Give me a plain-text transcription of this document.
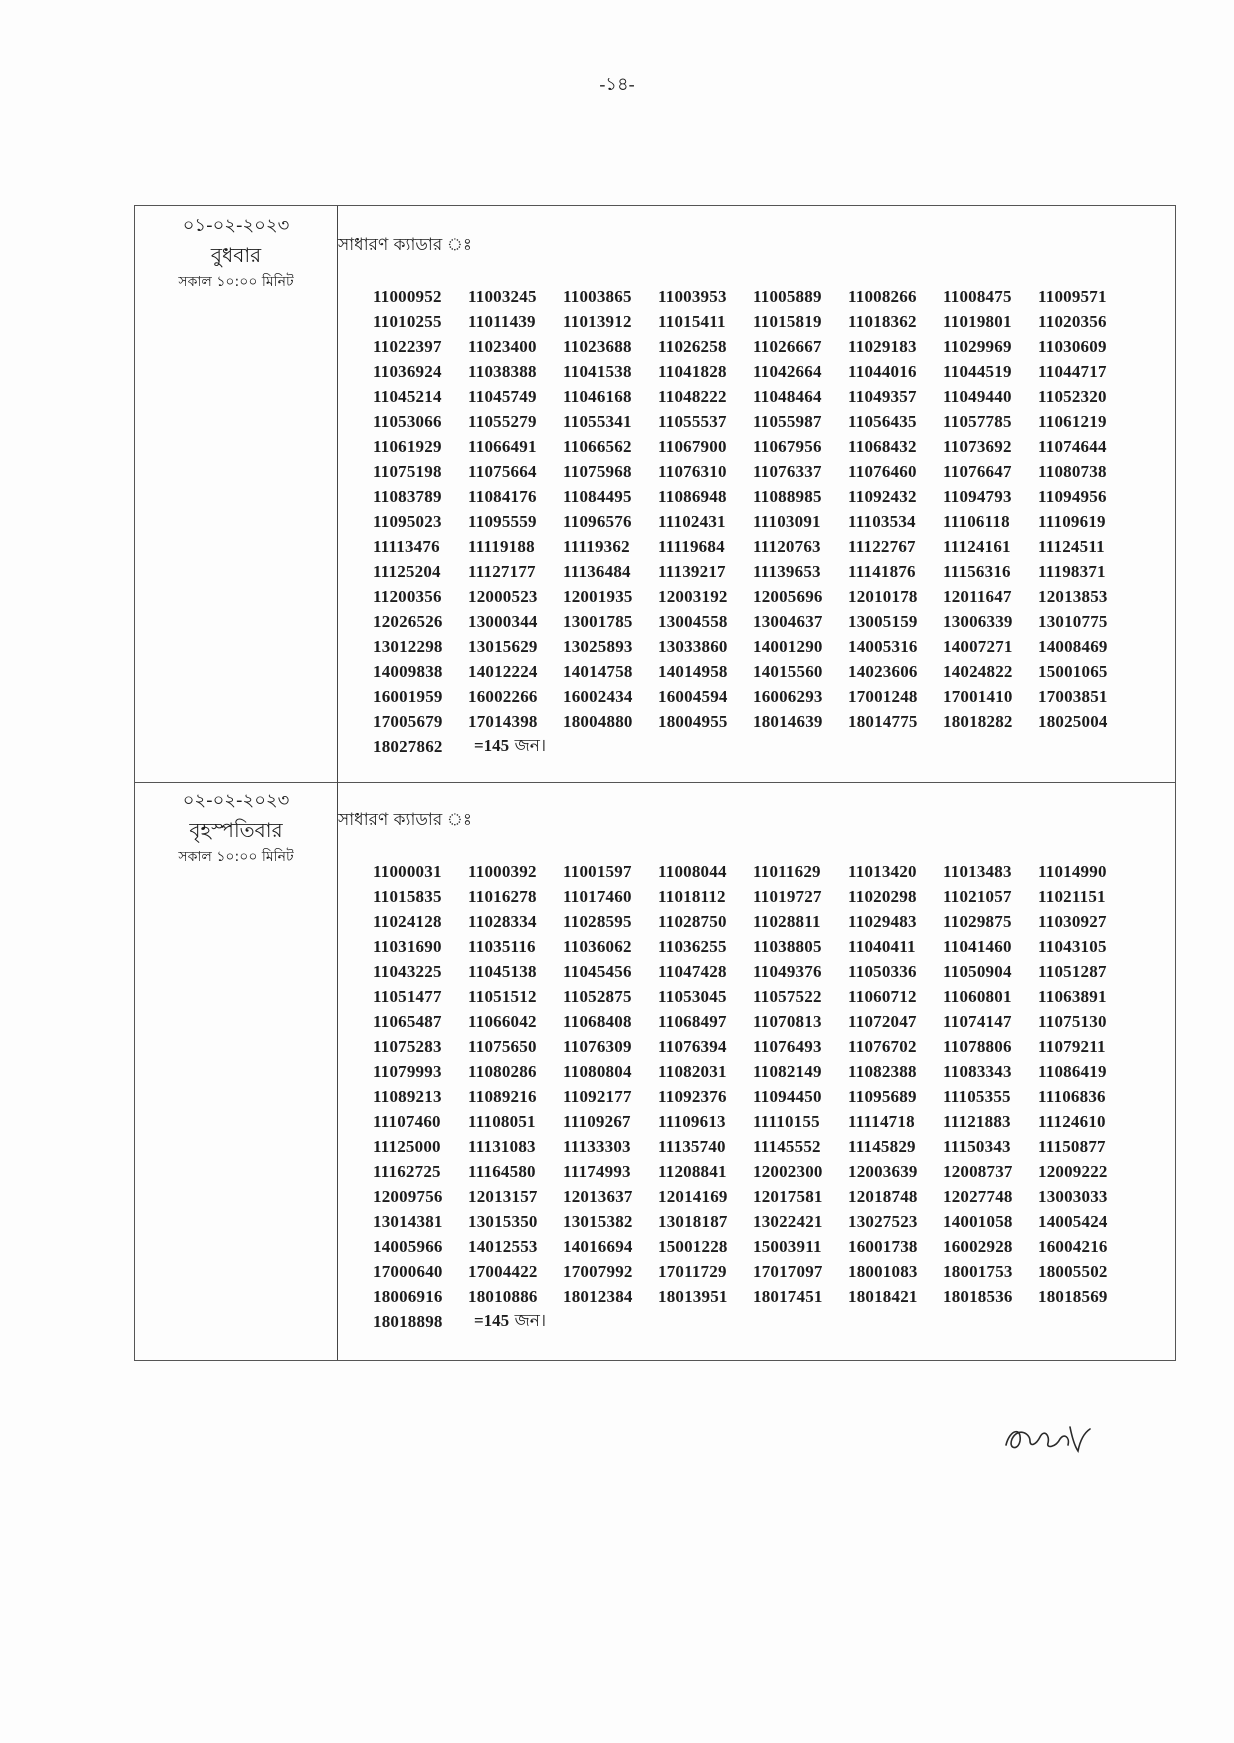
-১৪-
০১-০২-২০২৩
বুধবার
সকাল ১০:০০ মিনিট
সাধারণ ক্যাডার ঃ
11000952	11003245	11003865	11003953	11005889	11008266	11008475	11009571
11010255	11011439	11013912	11015411	11015819	11018362	11019801	11020356
11022397	11023400	11023688	11026258	11026667	11029183	11029969	11030609
11036924	11038388	11041538	11041828	11042664	11044016	11044519	11044717
11045214	11045749	11046168	11048222	11048464	11049357	11049440	11052320
11053066	11055279	11055341	11055537	11055987	11056435	11057785	11061219
11061929	11066491	11066562	11067900	11067956	11068432	11073692	11074644
11075198	11075664	11075968	11076310	11076337	11076460	11076647	11080738
11083789	11084176	11084495	11086948	11088985	11092432	11094793	11094956
11095023	11095559	11096576	11102431	11103091	11103534	11106118	11109619
11113476	11119188	11119362	11119684	11120763	11122767	11124161	11124511
11125204	11127177	11136484	11139217	11139653	11141876	11156316	11198371
11200356	12000523	12001935	12003192	12005696	12010178	12011647	12013853
12026526	13000344	13001785	13004558	13004637	13005159	13006339	13010775
13012298	13015629	13025893	13033860	14001290	14005316	14007271	14008469
14009838	14012224	14014758	14014958	14015560	14023606	14024822	15001065
16001959	16002266	16002434	16004594	16006293	17001248	17001410	17003851
17005679	17014398	18004880	18004955	18014639	18014775	18018282	18025004
18027862	=145 জন।
০২-০২-২০২৩
বৃহস্পতিবার
সকাল ১০:০০ মিনিট
সাধারণ ক্যাডার ঃ
11000031	11000392	11001597	11008044	11011629	11013420	11013483	11014990
11015835	11016278	11017460	11018112	11019727	11020298	11021057	11021151
11024128	11028334	11028595	11028750	11028811	11029483	11029875	11030927
11031690	11035116	11036062	11036255	11038805	11040411	11041460	11043105
11043225	11045138	11045456	11047428	11049376	11050336	11050904	11051287
11051477	11051512	11052875	11053045	11057522	11060712	11060801	11063891
11065487	11066042	11068408	11068497	11070813	11072047	11074147	11075130
11075283	11075650	11076309	11076394	11076493	11076702	11078806	11079211
11079993	11080286	11080804	11082031	11082149	11082388	11083343	11086419
11089213	11089216	11092177	11092376	11094450	11095689	11105355	11106836
11107460	11108051	11109267	11109613	11110155	11114718	11121883	11124610
11125000	11131083	11133303	11135740	11145552	11145829	11150343	11150877
11162725	11164580	11174993	11208841	12002300	12003639	12008737	12009222
12009756	12013157	12013637	12014169	12017581	12018748	12027748	13003033
13014381	13015350	13015382	13018187	13022421	13027523	14001058	14005424
14005966	14012553	14016694	15001228	15003911	16001738	16002928	16004216
17000640	17004422	17007992	17011729	17017097	18001083	18001753	18005502
18006916	18010886	18012384	18013951	18017451	18018421	18018536	18018569
18018898	=145 জন।
